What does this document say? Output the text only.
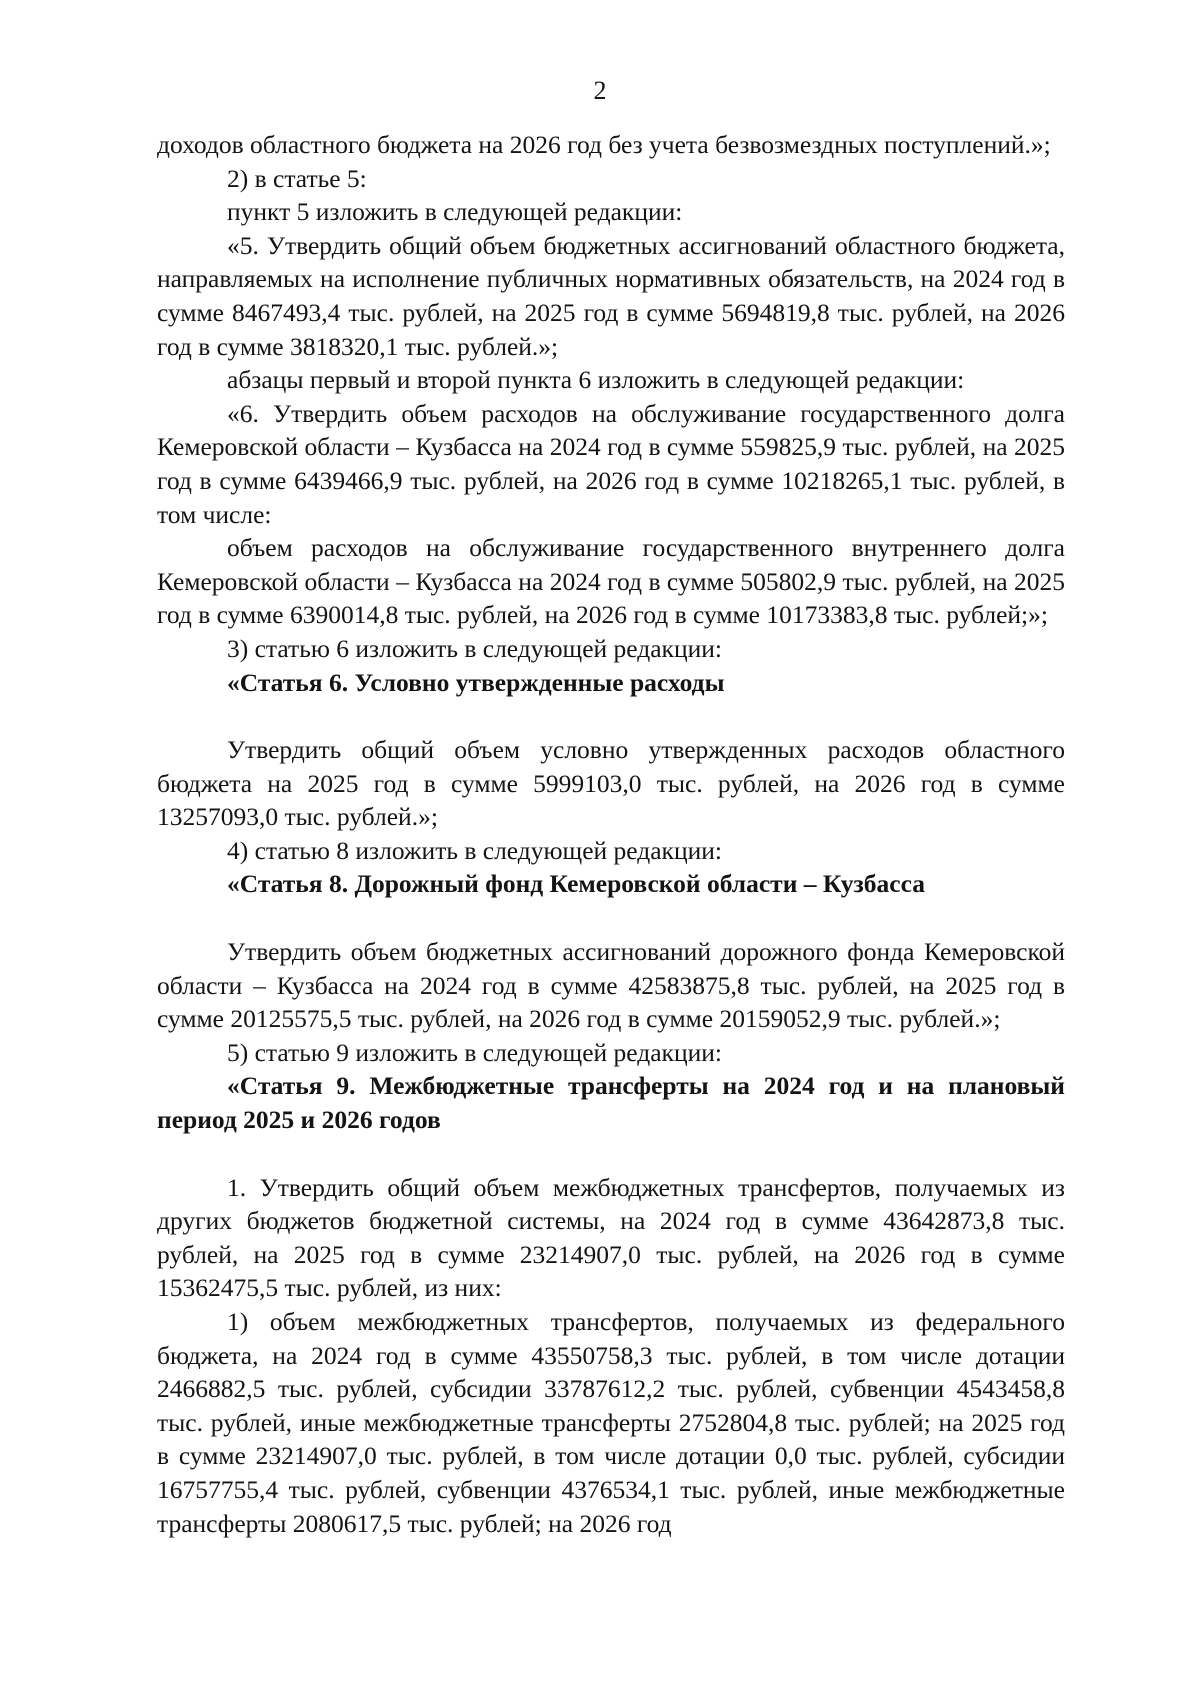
2

доходов областного бюджета на 2026 год без учета безвозмездных поступлений.»;

2) в статье 5:

пункт 5 изложить в следующей редакции:

«5. Утвердить общий объем бюджетных ассигнований областного бюджета, направляемых на исполнение публичных нормативных обязательств, на 2024 год в сумме 8467493,4 тыс. рублей, на 2025 год в сумме 5694819,8 тыс. рублей, на 2026 год в сумме 3818320,1 тыс. рублей.»;

абзацы первый и второй пункта 6 изложить в следующей редакции:

«6. Утвердить объем расходов на обслуживание государственного долга Кемеровской области – Кузбасса на 2024 год в сумме 559825,9 тыс. рублей, на 2025 год в сумме 6439466,9 тыс. рублей, на 2026 год в сумме 10218265,1 тыс. рублей, в том числе:

объем расходов на обслуживание государственного внутреннего долга Кемеровской области – Кузбасса на 2024 год в сумме 505802,9 тыс. рублей, на 2025 год в сумме 6390014,8 тыс. рублей, на 2026 год в сумме 10173383,8 тыс. рублей;»;

3) статью 6 изложить в следующей редакции:

«Статья 6. Условно утвержденные расходы

Утвердить общий объем условно утвержденных расходов областного бюджета на 2025 год в сумме 5999103,0 тыс. рублей, на 2026 год в сумме 13257093,0 тыс. рублей.»;

4) статью 8 изложить в следующей редакции:

«Статья 8. Дорожный фонд Кемеровской области – Кузбасса

Утвердить объем бюджетных ассигнований дорожного фонда Кемеровской области – Кузбасса на 2024 год в сумме 42583875,8 тыс. рублей, на 2025 год в сумме 20125575,5 тыс. рублей, на 2026 год в сумме 20159052,9 тыс. рублей.»;

5) статью 9 изложить в следующей редакции:

«Статья 9. Межбюджетные трансферты на 2024 год и на плановый период 2025 и 2026 годов

1. Утвердить общий объем межбюджетных трансфертов, получаемых из других бюджетов бюджетной системы, на 2024 год в сумме 43642873,8 тыс. рублей, на 2025 год в сумме 23214907,0 тыс. рублей, на 2026 год в сумме 15362475,5 тыс. рублей, из них:

1) объем межбюджетных трансфертов, получаемых из федерального бюджета, на 2024 год в сумме 43550758,3 тыс. рублей, в том числе дотации 2466882,5 тыс. рублей, субсидии 33787612,2 тыс. рублей, субвенции 4543458,8 тыс. рублей, иные межбюджетные трансферты 2752804,8 тыс. рублей; на 2025 год в сумме 23214907,0 тыс. рублей, в том числе дотации 0,0 тыс. рублей, субсидии 16757755,4 тыс. рублей, субвенции 4376534,1 тыс. рублей, иные межбюджетные трансферты 2080617,5 тыс. рублей; на 2026 год
